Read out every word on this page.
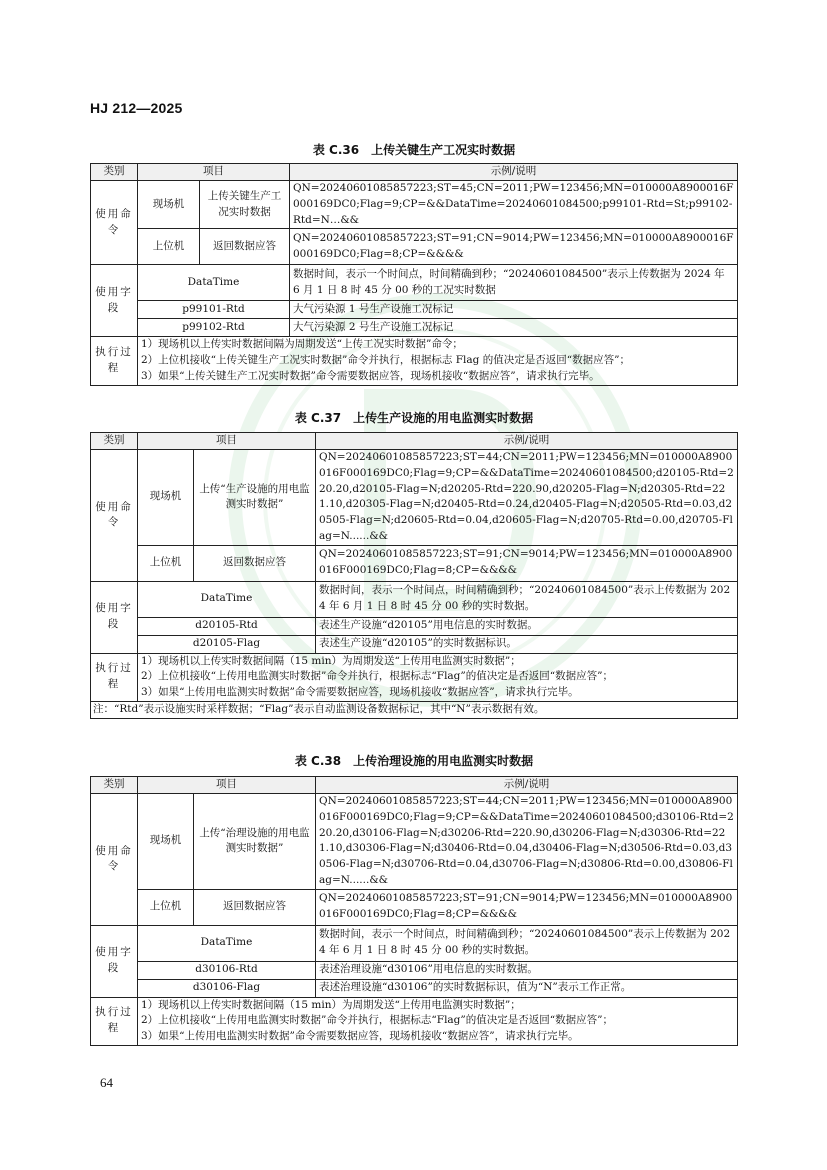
HJ 212—2025
表 C.36　上传关键生产工况实时数据
类别	项目		示例/说明
使用命令	现场机	上传关键生产工况实时数据	QN=20240601085857223;ST=45;CN=2011;PW=123456;MN=010000A8900016F000169DC0;Flag=9;CP=&&DataTime=20240601084500;p99101-Rtd=St;p99102-Rtd=N…&&
	上位机	返回数据应答	QN=20240601085857223;ST=91;CN=9014;PW=123456;MN=010000A8900016F000169DC0;Flag=8;CP=&&&&
使用字段	DataTime		数据时间，表示一个时间点，时间精确到秒；“20240601084500”表示上传数据为 2024 年 6 月 1 日 8 时 45 分 00 秒的工况实时数据
	p99101-Rtd		大气污染源 1 号生产设施工况标记
	p99102-Rtd		大气污染源 2 号生产设施工况标记
执行过程	1）现场机以上传实时数据间隔为周期发送“上传工况实时数据”命令；
2）上位机接收“上传关键生产工况实时数据”命令并执行，根据标志 Flag 的值决定是否返回“数据应答”；
3）如果“上传关键生产工况实时数据”命令需要数据应答，现场机接收“数据应答”，请求执行完毕。		
表 C.37　上传生产设施的用电监测实时数据
类别	项目		示例/说明
使用命令	现场机	上传“生产设施的用电监测实时数据”	QN=20240601085857223;ST=44;CN=2011;PW=123456;MN=010000A8900016F000169DC0;Flag=9;CP=&&DataTime=20240601084500;d20105-Rtd=220.20,d20105-Flag=N;d20205-Rtd=220.90,d20205-Flag=N;d20305-Rtd=221.10,d20305-Flag=N;d20405-Rtd=0.24,d20405-Flag=N;d20505-Rtd=0.03,d20505-Flag=N;d20605-Rtd=0.04,d20605-Flag=N;d20705-Rtd=0.00,d20705-Flag=N......&&
	上位机	返回数据应答	QN=20240601085857223;ST=91;CN=9014;PW=123456;MN=010000A8900016F000169DC0;Flag=8;CP=&&&&
使用字段	DataTime		数据时间，表示一个时间点，时间精确到秒；“20240601084500”表示上传数据为 2024 年 6 月 1 日 8 时 45 分 00 秒的实时数据。
	d20105-Rtd		表述生产设施“d20105”用电信息的实时数据。
	d20105-Flag		表述生产设施“d20105”的实时数据标识。
执行过程	1）现场机以上传实时数据间隔（15 min）为周期发送“上传用电监测实时数据”；
2）上位机接收“上传用电监测实时数据”命令并执行，根据标志“Flag”的值决定是否返回“数据应答”；
3）如果“上传用电监测实时数据”命令需要数据应答，现场机接收“数据应答”，请求执行完毕。		

注：“Rtd”表示设施实时采样数据；“Flag”表示自动监测设备数据标记，其中“N”表示数据有效。			
表 C.38　上传治理设施的用电监测实时数据
类别	项目		示例/说明
使用命令	现场机	上传“治理设施的用电监测实时数据”	QN=20240601085857223;ST=44;CN=2011;PW=123456;MN=010000A8900016F000169DC0;Flag=9;CP=&&DataTime=20240601084500;d30106-Rtd=220.20,d30106-Flag=N;d30206-Rtd=220.90,d30206-Flag=N;d30306-Rtd=221.10,d30306-Flag=N;d30406-Rtd=0.04,d30406-Flag=N;d30506-Rtd=0.03,d30506-Flag=N;d30706-Rtd=0.04,d30706-Flag=N;d30806-Rtd=0.00,d30806-Flag=N......&&
	上位机	返回数据应答	QN=20240601085857223;ST=91;CN=9014;PW=123456;MN=010000A8900016F000169DC0;Flag=8;CP=&&&&
使用字段	DataTime		数据时间，表示一个时间点，时间精确到秒；“20240601084500”表示上传数据为 2024 年 6 月 1 日 8 时 45 分 00 秒的实时数据。
	d30106-Rtd		表述治理设施“d30106”用电信息的实时数据。
	d30106-Flag		表述治理设施“d30106”的实时数据标识，值为“N”表示工作正常。
执行过程	1）现场机以上传实时数据间隔（15 min）为周期发送“上传用电监测实时数据”；
2）上位机接收“上传用电监测实时数据”命令并执行，根据标志“Flag”的值决定是否返回“数据应答”；
3）如果“上传用电监测实时数据”命令需要数据应答，现场机接收“数据应答”，请求执行完毕。		
64
